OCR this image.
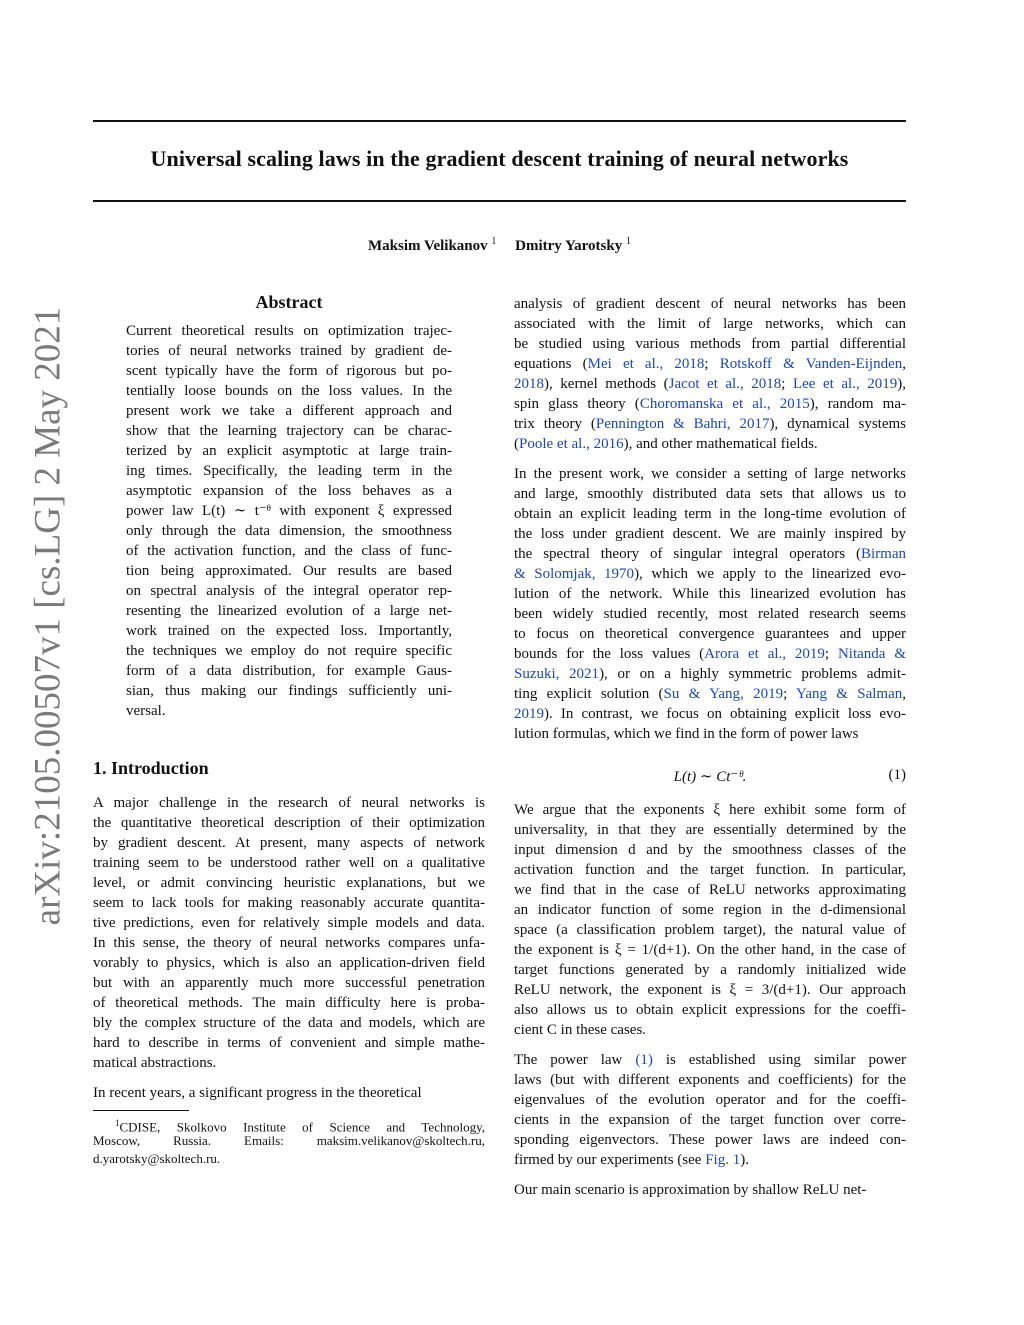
Universal scaling laws in the gradient descent training of neural networks
Maksim Velikanov $^1$ Dmitry Yarotsky $^1$
arXiv:2105.00507v1 [cs.LG] 2 May 2021
Abstract
Current theoretical results on optimization trajec-
tories of neural networks trained by gradient de-
scent typically have the form of rigorous but po-
tentially loose bounds on the loss values. In the
present work we take a different approach and
show that the learning trajectory can be charac-
terized by an explicit asymptotic at large train-
ing times. Specifically, the leading term in the
asymptotic expansion of the loss behaves as a
power law L(t) ∼ t⁻ᶿ with exponent ξ expressed
only through the data dimension, the smoothness
of the activation function, and the class of func-
tion being approximated. Our results are based
on spectral analysis of the integral operator rep-
resenting the linearized evolution of a large net-
work trained on the expected loss. Importantly,
the techniques we employ do not require specific
form of a data distribution, for example Gaus-
sian, thus making our findings sufficiently uni-
versal.
1. Introduction
A major challenge in the research of neural networks is
the quantitative theoretical description of their optimization
by gradient descent. At present, many aspects of network
training seem to be understood rather well on a qualitative
level, or admit convincing heuristic explanations, but we
seem to lack tools for making reasonably accurate quantita-
tive predictions, even for relatively simple models and data.
In this sense, the theory of neural networks compares unfa-
vorably to physics, which is also an application-driven field
but with an apparently much more successful penetration
of theoretical methods. The main difficulty here is proba-
bly the complex structure of the data and models, which are
hard to describe in terms of convenient and simple mathe-
matical abstractions.
In recent years, a significant progress in the theoretical
$^1$CDISE, Skolkovo Institute of Science and Technology,
Moscow, Russia. Emails: maksim.velikanov@skoltech.ru,
d.yarotsky@skoltech.ru.
analysis of gradient descent of neural networks has been
associated with the limit of large networks, which can
be studied using various methods from partial differential
equations (Mei et al., 2018; Rotskoff & Vanden-Eijnden,
2018), kernel methods (Jacot et al., 2018; Lee et al., 2019),
spin glass theory (Choromanska et al., 2015), random ma-
trix theory (Pennington & Bahri, 2017), dynamical systems
(Poole et al., 2016), and other mathematical fields.
In the present work, we consider a setting of large networks
and large, smoothly distributed data sets that allows us to
obtain an explicit leading term in the long-time evolution of
the loss under gradient descent. We are mainly inspired by
the spectral theory of singular integral operators (Birman
& Solomjak, 1970), which we apply to the linearized evo-
lution of the network. While this linearized evolution has
been widely studied recently, most related research seems
to focus on theoretical convergence guarantees and upper
bounds for the loss values (Arora et al., 2019; Nitanda &
Suzuki, 2021), or on a highly symmetric problems admit-
ting explicit solution (Su & Yang, 2019; Yang & Salman,
2019). In contrast, we focus on obtaining explicit loss evo-
lution formulas, which we find in the form of power laws
L(t) ∼ Ct⁻ᶿ.	(1)
We argue that the exponents ξ here exhibit some form of
universality, in that they are essentially determined by the
input dimension d and by the smoothness classes of the
activation function and the target function. In particular,
we find that in the case of ReLU networks approximating
an indicator function of some region in the d-dimensional
space (a classification problem target), the natural value of
the exponent is ξ = 1/(d+1). On the other hand, in the case of
target functions generated by a randomly initialized wide
ReLU network, the exponent is ξ = 3/(d+1). Our approach
also allows us to obtain explicit expressions for the coeffi-
cient C in these cases.
The power law (1) is established using similar power
laws (but with different exponents and coefficients) for the
eigenvalues of the evolution operator and for the coeffi-
cients in the expansion of the target function over corre-
sponding eigenvectors. These power laws are indeed con-
firmed by our experiments (see Fig. 1).
Our main scenario is approximation by shallow ReLU net-
